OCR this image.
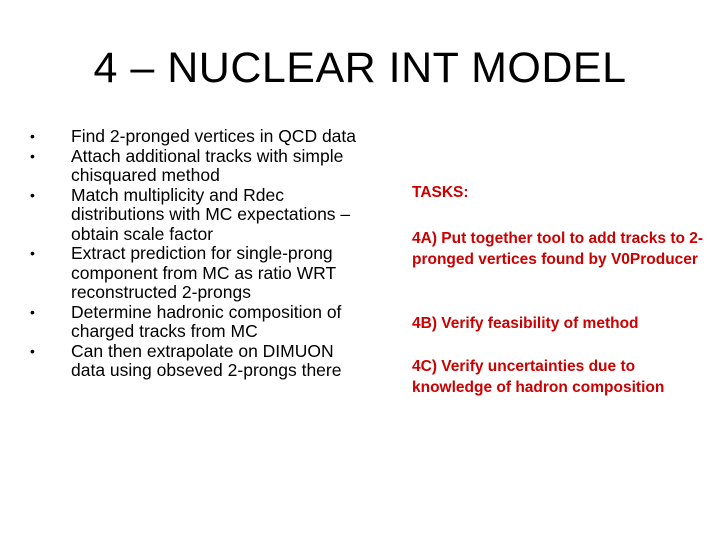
4 – NUCLEAR INT MODEL
•	Find 2-pronged vertices in QCD data
•	Attach additional tracks with simple chisquared method
•	Match multiplicity and Rdec distributions with MC expectations – obtain scale factor
•	Extract prediction for single-prong component from MC as ratio WRT reconstructed 2-prongs
•	Determine hadronic composition of charged tracks from MC
•	Can then extrapolate on DIMUON data using obseved 2-prongs there
TASKS:
4A) Put together tool to add tracks to 2-pronged vertices found by V0Producer
4B) Verify feasibility of method
4C) Verify uncertainties due to knowledge of hadron composition
